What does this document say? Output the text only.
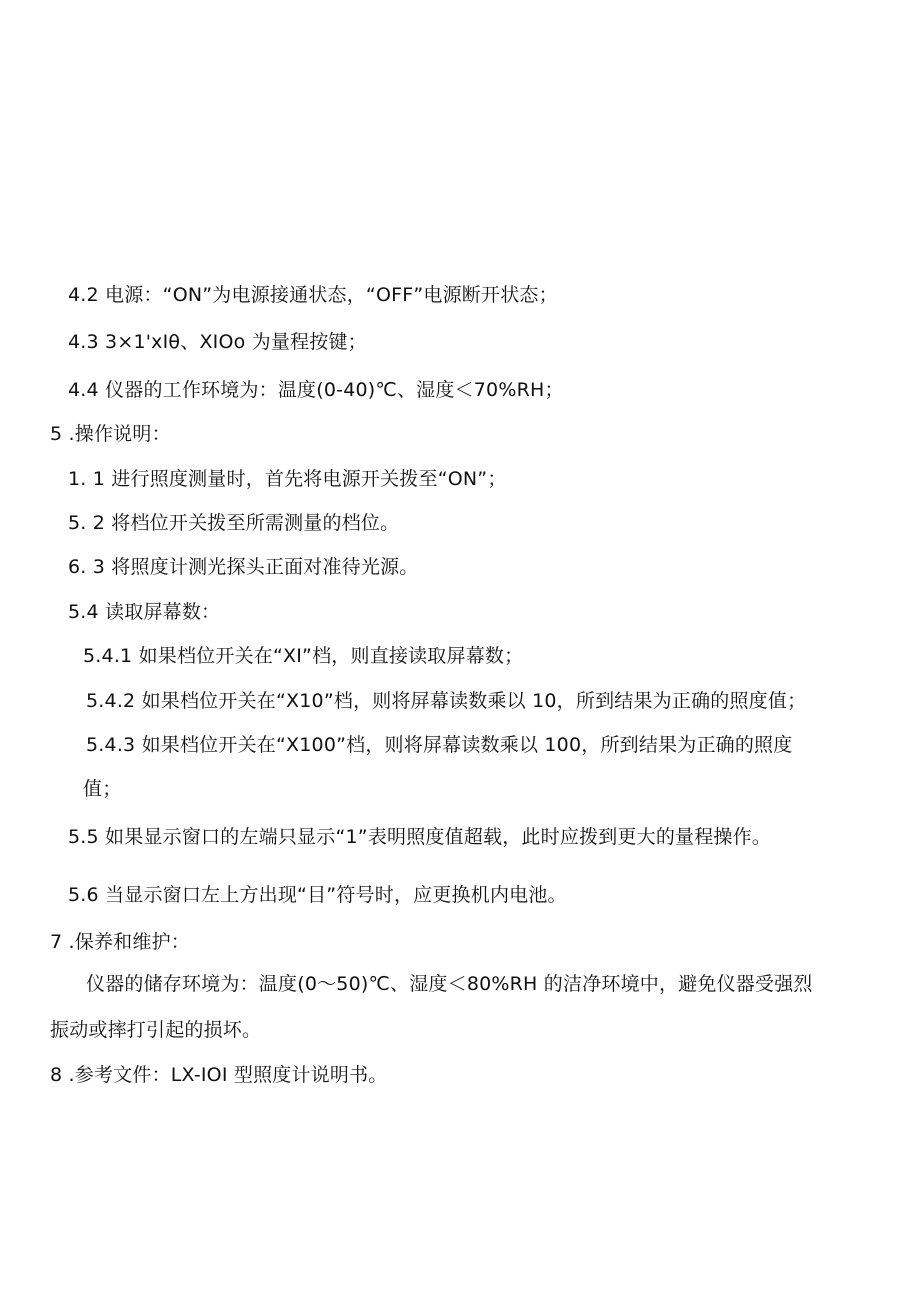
4.2 电源：“ON”为电源接通状态，“OFF”电源断开状态；
4.3 3×1'xIθ、XIOo 为量程按键；
4.4 仪器的工作环境为：温度(0-40)℃、湿度＜70%RH；
5 .操作说明：
1. 1 进行照度测量时，首先将电源开关拨至“ON”；
5. 2 将档位开关拨至所需测量的档位。
6. 3 将照度计测光探头正面对准待光源。
5.4 读取屏幕数：
5.4.1 如果档位开关在“XI”档，则直接读取屏幕数；
5.4.2 如果档位开关在“X10”档，则将屏幕读数乘以 10，所到结果为正确的照度值；
5.4.3 如果档位开关在“X100”档，则将屏幕读数乘以 100，所到结果为正确的照度
值；
5.5 如果显示窗口的左端只显示“1”表明照度值超载，此时应拨到更大的量程操作。
5.6 当显示窗口左上方出现“目”符号时，应更换机内电池。
7 .保养和维护：
仪器的储存环境为：温度(0〜50)℃、湿度＜80%RH 的洁净环境中，避免仪器受强烈
振动或摔打引起的损坏。
8 .参考文件：LX-IOI 型照度计说明书。
